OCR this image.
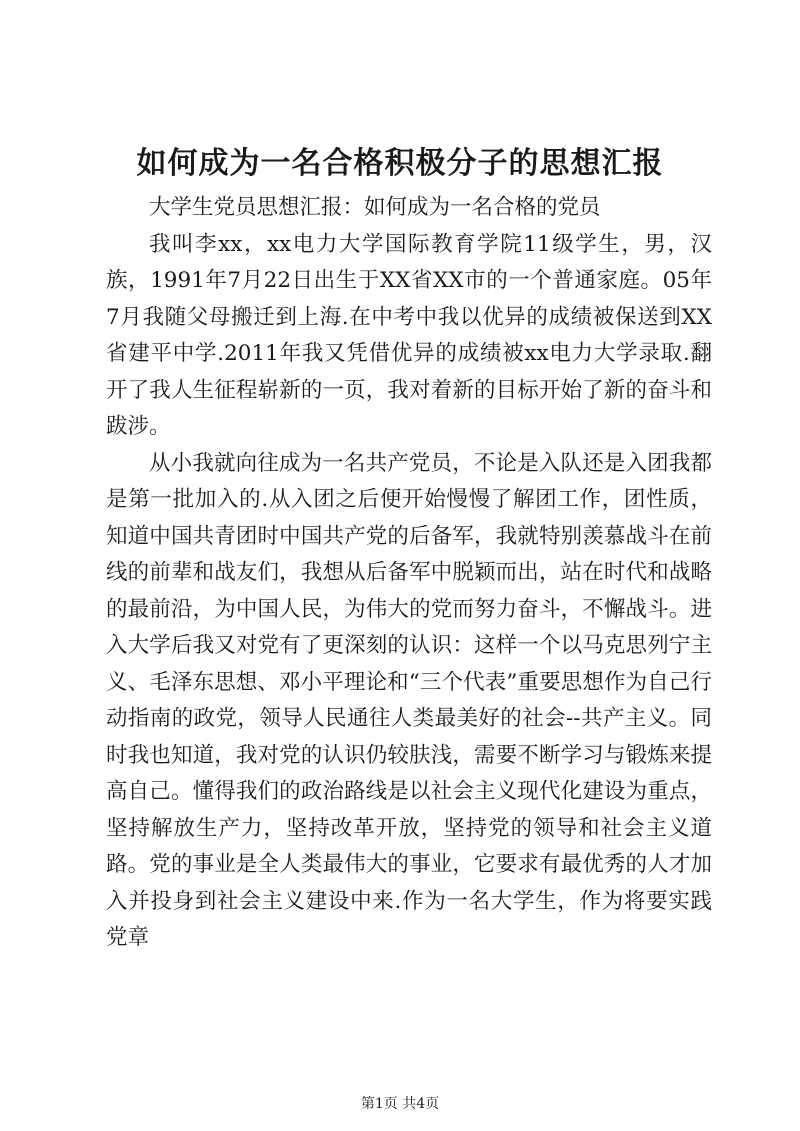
如何成为一名合格积极分子的思想汇报

大学生党员思想汇报：如何成为一名合格的党员

我叫李xx，xx电力大学国际教育学院11级学生，男，汉族，1991年7月22日出生于XX省XX市的一个普通家庭。05年7月我随父母搬迁到上海.在中考中我以优异的成绩被保送到XX省建平中学.2011年我又凭借优异的成绩被xx电力大学录取.翻开了我人生征程崭新的一页，我对着新的目标开始了新的奋斗和跋涉。

从小我就向往成为一名共产党员，不论是入队还是入团我都是第一批加入的.从入团之后便开始慢慢了解团工作，团性质，知道中国共青团时中国共产党的后备军，我就特别羡慕战斗在前线的前辈和战友们，我想从后备军中脱颖而出，站在时代和战略的最前沿，为中国人民，为伟大的党而努力奋斗，不懈战斗。进入大学后我又对党有了更深刻的认识：这样一个以马克思列宁主义、毛泽东思想、邓小平理论和“三个代表”重要思想作为自己行动指南的政党，领导人民通往人类最美好的社会--共产主义。同时我也知道，我对党的认识仍较肤浅，需要不断学习与锻炼来提高自己。懂得我们的政治路线是以社会主义现代化建设为重点，坚持解放生产力，坚持改革开放，坚持党的领导和社会主义道路。党的事业是全人类最伟大的事业，它要求有最优秀的人才加入并投身到社会主义建设中来.作为一名大学生，作为将要实践党章

第1页 共4页
